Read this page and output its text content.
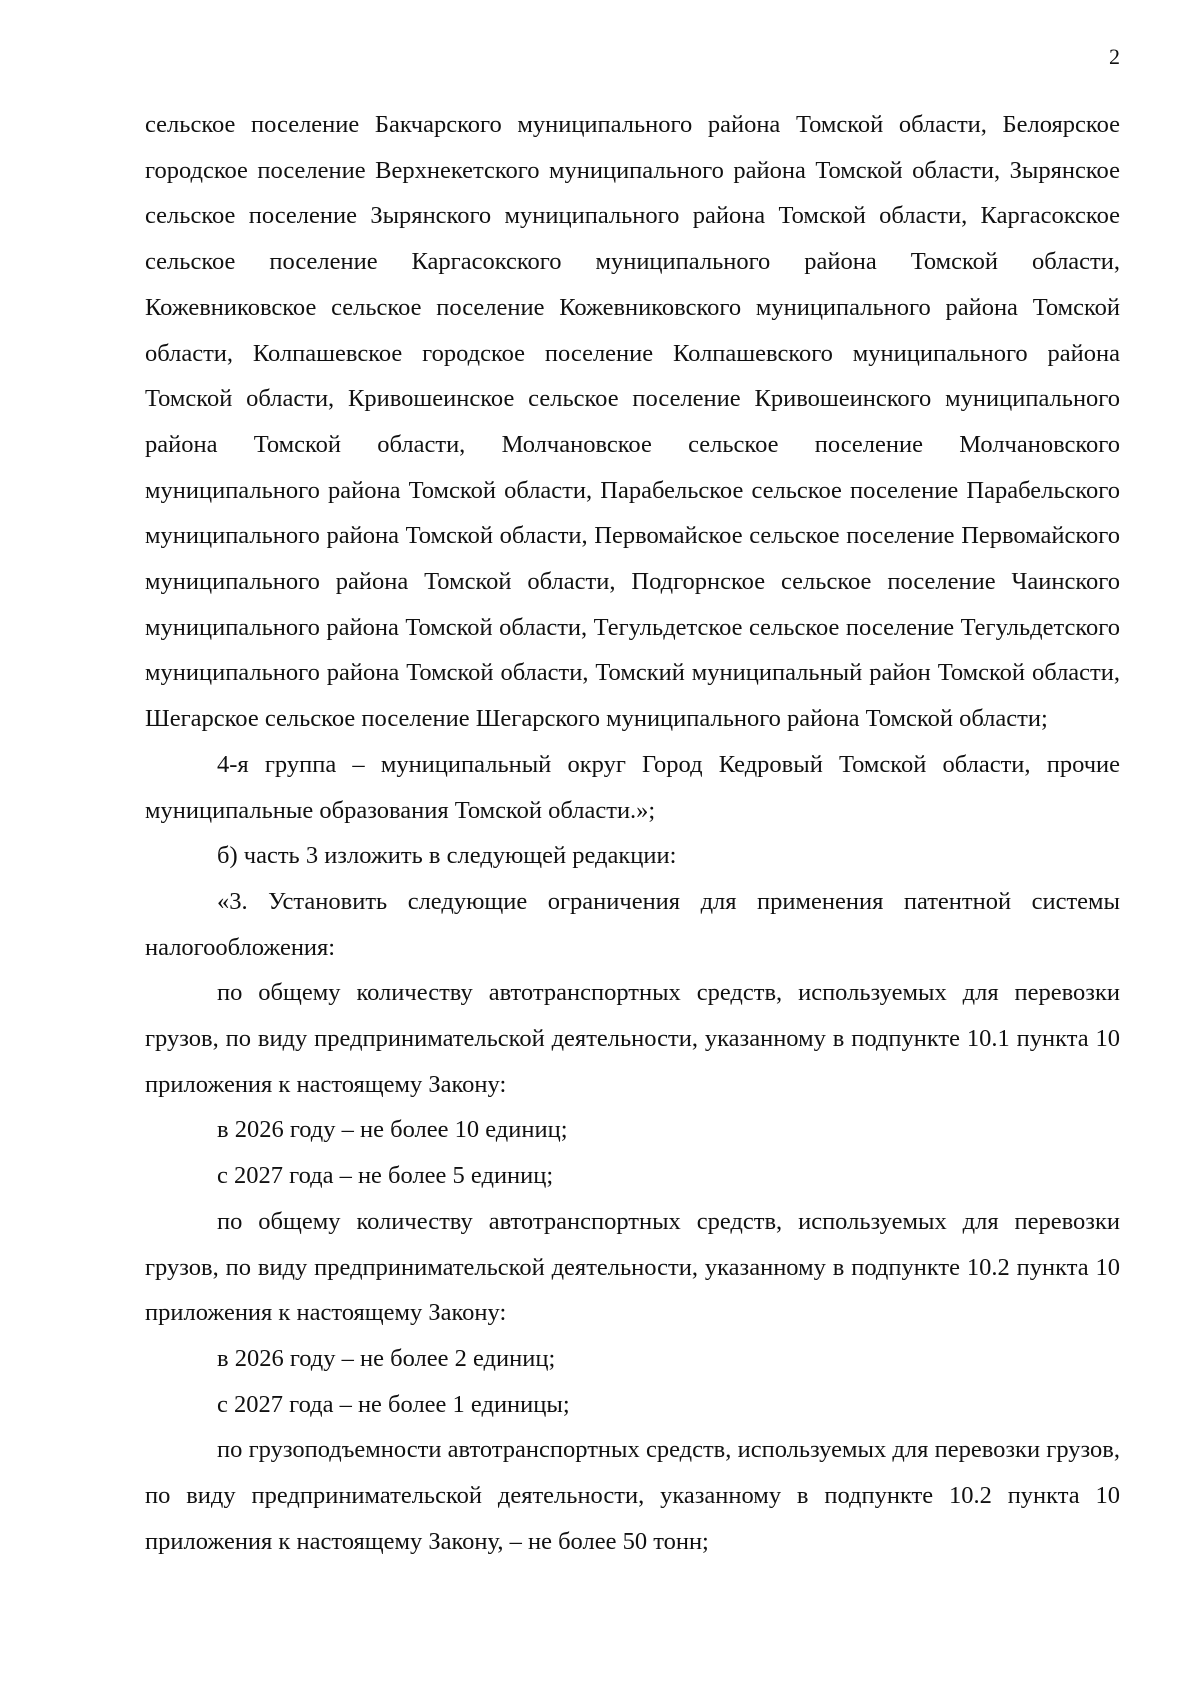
2

сельское поселение Бакчарского муниципального района Томской области, Белоярское городское поселение Верхнекетского муниципального района Томской области, Зырянское сельское поселение Зырянского муниципального района Томской области, Каргасокское сельское поселение Каргасокского муниципального района Томской области, Кожевниковское сельское поселение Кожевниковского муниципального района Томской области, Колпашевское городское поселение Колпашевского муниципального района Томской области, Кривошеинское сельское поселение Кривошеинского муниципального района Томской области, Молчановское сельское поселение Молчановского муниципального района Томской области, Парабельское сельское поселение Парабельского муниципального района Томской области, Первомайское сельское поселение Первомайского муниципального района Томской области, Подгорнское сельское поселение Чаинского муниципального района Томской области, Тегульдетское сельское поселение Тегульдетского муниципального района Томской области, Томский муниципальный район Томской области, Шегарское сельское поселение Шегарского муниципального района Томской области;

4-я группа – муниципальный округ Город Кедровый Томской области, прочие муниципальные образования Томской области.»;

б) часть 3 изложить в следующей редакции:

«3. Установить следующие ограничения для применения патентной системы налогообложения:

по общему количеству автотранспортных средств, используемых для перевозки грузов, по виду предпринимательской деятельности, указанному в подпункте 10.1 пункта 10 приложения к настоящему Закону:

в 2026 году – не более 10 единиц;

с 2027 года – не более 5 единиц;

по общему количеству автотранспортных средств, используемых для перевозки грузов, по виду предпринимательской деятельности, указанному в подпункте 10.2 пункта 10 приложения к настоящему Закону:

в 2026 году – не более 2 единиц;

с 2027 года – не более 1 единицы;

по грузоподъемности автотранспортных средств, используемых для перевозки грузов, по виду предпринимательской деятельности, указанному в подпункте 10.2 пункта 10 приложения к настоящему Закону, – не более 50 тонн;
